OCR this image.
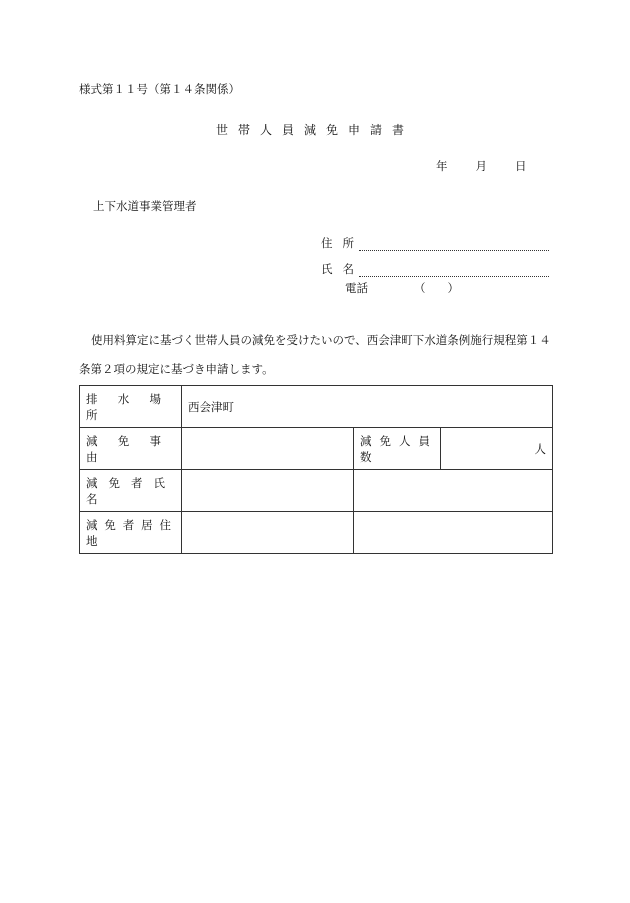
様式第１１号（第１４条関係）
世帯人員減免申請書
年 月 日
上下水道事業管理者
住所
氏名
電話	（ ）
使用料算定に基づく世帯人員の減免を受けたいので、西会津町下水道条例施行規程第１４条第２項の規定に基づき申請します。
排水場所	西会津町		
減免事由		減免人員数	人
減免者氏名			
減免者居住地			
